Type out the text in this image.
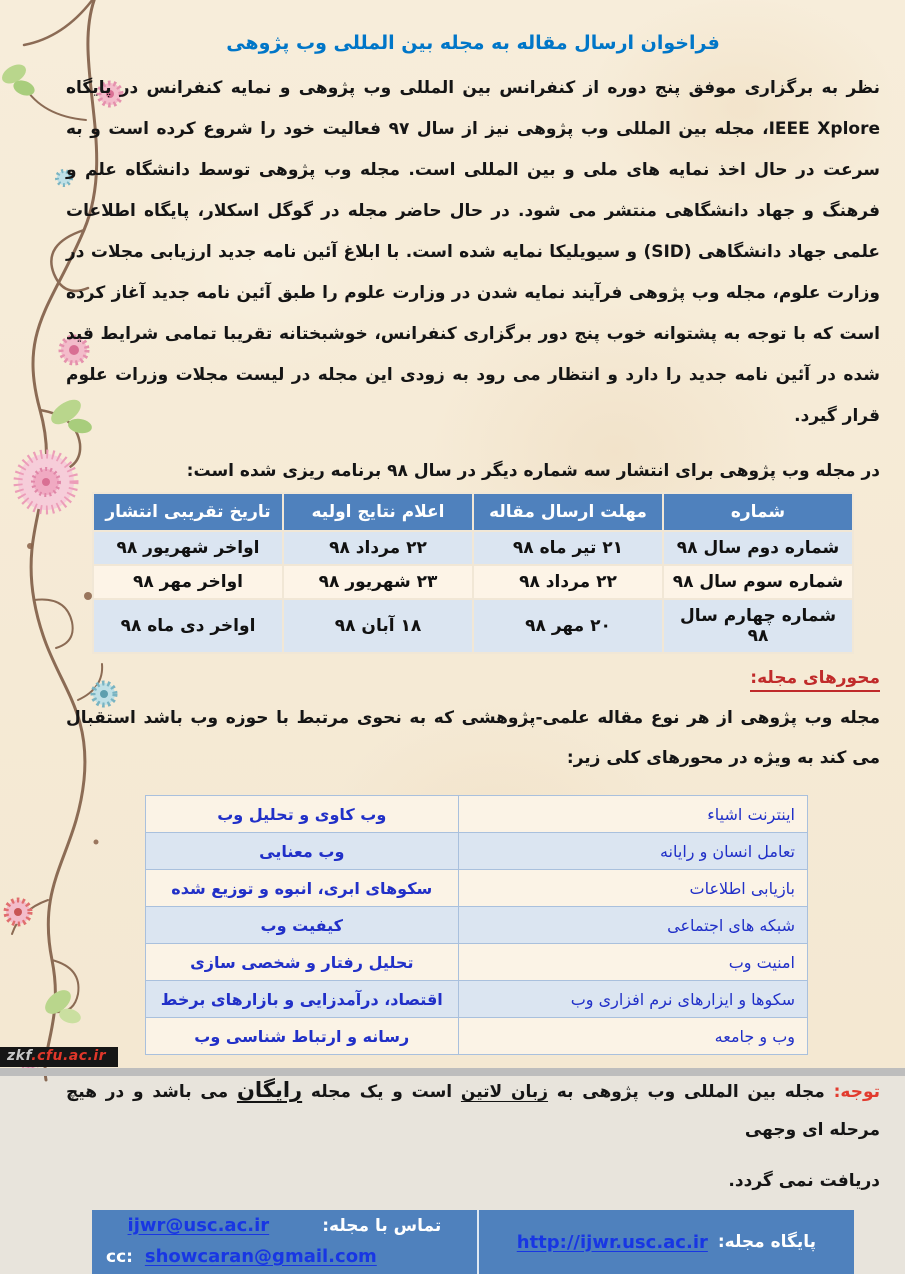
فراخوان ارسال مقاله به مجله بین المللی وب پژوهی

نظر به برگزاری موفق پنج دوره از کنفرانس بین المللی وب پژوهی و نمایه کنفرانس در پایگاه IEEE Xplore، مجله بین المللی وب پژوهی نیز از سال ۹۷ فعالیت خود را شروع کرده است و به سرعت در حال اخذ نمایه های ملی و بین المللی است. مجله وب پژوهی توسط دانشگاه علم و فرهنگ و جهاد دانشگاهی منتشر می شود. در حال حاضر مجله در گوگل اسکلار، پایگاه اطلاعات علمی جهاد دانشگاهی (SID) و سیویلیکا نمایه شده است. با ابلاغ آئین نامه جدید ارزیابی مجلات در وزارت علوم، مجله وب پژوهی فرآیند نمایه شدن در وزارت علوم را طبق آئین نامه جدید آغاز کرده است که با توجه به پشتوانه خوب پنج دور برگزاری کنفرانس، خوشبختانه تقریبا تمامی شرایط قید شده در آئین نامه جدید را دارد و انتظار می رود به زودی این مجله در لیست مجلات وزرات علوم قرار گیرد.

در مجله وب پژوهی برای انتشار سه شماره دیگر در سال ۹۸ برنامه ریزی شده است:
شماره	مهلت ارسال مقاله	اعلام نتایج اولیه	تاریخ تقریبی انتشار
شماره دوم سال ۹۸	۲۱ تیر ماه ۹۸	۲۲ مرداد ۹۸	اواخر شهریور ۹۸
شماره سوم سال ۹۸	۲۲ مرداد ۹۸	۲۳ شهریور ۹۸	اواخر مهر ۹۸
شماره چهارم سال ۹۸	۲۰ مهر ۹۸	۱۸ آبان ۹۸	اواخر دی ماه ۹۸
محورهای مجله:

مجله وب پژوهی از هر نوع مقاله علمی-پژوهشی که به نحوی مرتبط با حوزه وب باشد استقبال می کند به ویژه در محورهای کلی زیر:

اینترنت اشیاء	وب کاوی و تحلیل وب
تعامل انسان و رایانه	وب معنایی
بازیابی اطلاعات	سکوهای ابری، انبوه و توزیع شده
شبکه های اجتماعی	کیفیت وب
امنیت وب	تحلیل رفتار و شخصی سازی
سکوها و ایزارهای نرم افزاری وب	اقتصاد، درآمدزایی و بازارهای برخط
وب و جامعه	رسانه و ارتباط شناسی وب

توجه: مجله بین المللی وب پژوهی به زبان لاتین است و یک مجله رایگان می باشد و در هیچ مرحله ای وجهی

دریافت نمی گردد.
پایگاه مجله:
http://ijwr.usc.ac.ir
تماس با مجله:
ijwr@usc.ac.ir
cc: showcaran@gmail.com
zkf.cfu.ac.ir
